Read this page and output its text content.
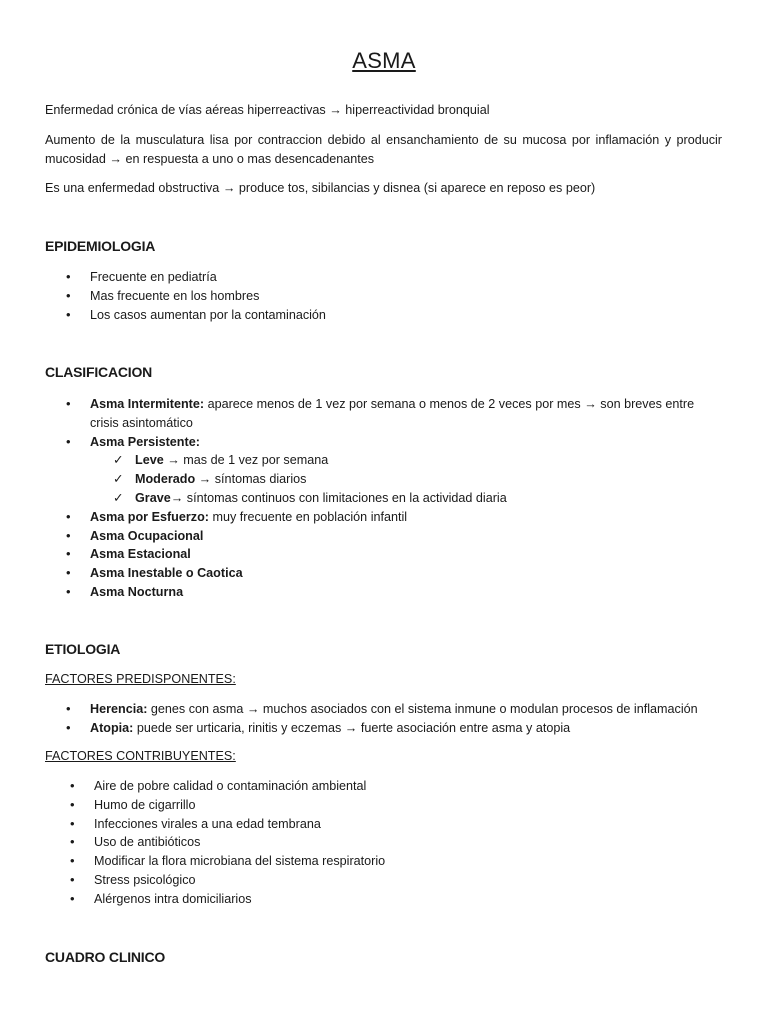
ASMA

Enfermedad crónica de vías aéreas hiperreactivas → hiperreactividad bronquial

Aumento de la musculatura lisa por contraccion debido al ensanchamiento de su mucosa por inflamación y producir mucosidad → en respuesta a uno o mas desencadenantes

Es una enfermedad obstructiva → produce tos, sibilancias y disnea (si aparece en reposo es peor)

EPIDEMIOLOGIA
• Frecuente en pediatría
• Mas frecuente en los hombres
• Los casos aumentan por la contaminación
CLASIFICACION
• Asma Intermitente: aparece menos de 1 vez por semana o menos de 2 veces por mes → son breves entre crisis asintomático
• Asma Persistente:
✓ Leve → mas de 1 vez por semana
✓ Moderado → síntomas diarios
✓ Grave→ síntomas continuos con limitaciones en la actividad diaria
• Asma por Esfuerzo: muy frecuente en población infantil
• Asma Ocupacional
• Asma Estacional
• Asma Inestable o Caotica
• Asma Nocturna
ETIOLOGIA

FACTORES PREDISPONENTES:

• Herencia: genes con asma → muchos asociados con el sistema inmune o modulan procesos de inflamación
• Atopia: puede ser urticaria, rinitis y eczemas → fuerte asociación entre asma y atopia

FACTORES CONTRIBUYENTES:

• Aire de pobre calidad o contaminación ambiental
• Humo de cigarrillo
• Infecciones virales a una edad tembrana
• Uso de antibióticos
• Modificar la flora microbiana del sistema respiratorio
• Stress psicológico
• Alérgenos intra domiciliarios
CUADRO CLINICO
